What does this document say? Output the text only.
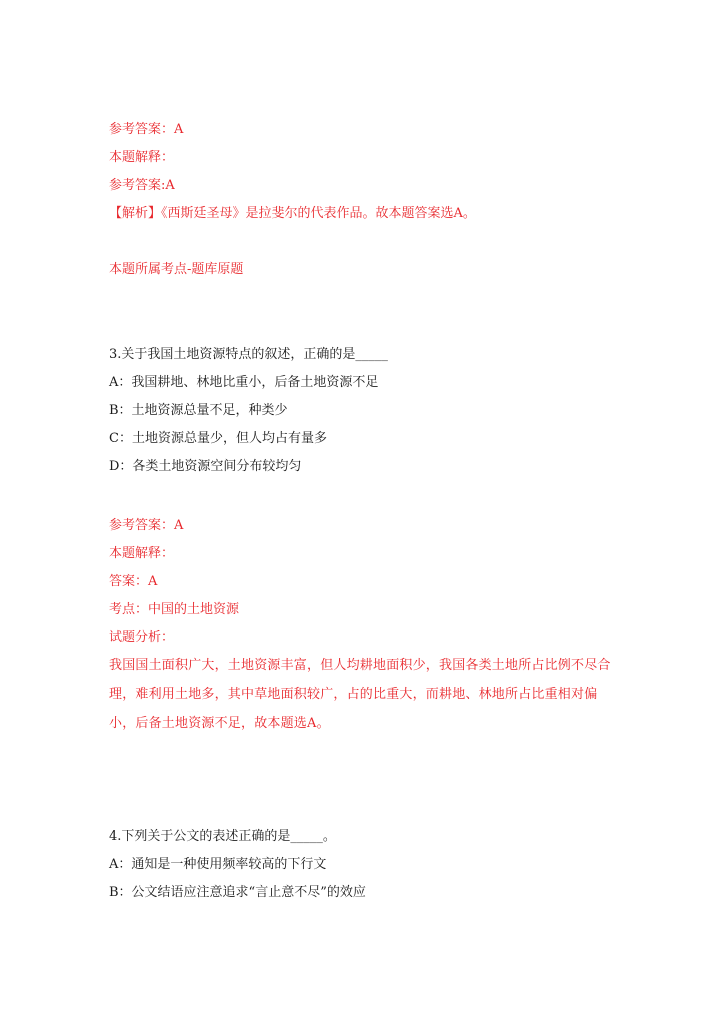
参考答案：A
本题解释：
参考答案:A
【解析】《西斯廷圣母》是拉斐尔的代表作品。故本题答案选A。
本题所属考点-题库原题
3.关于我国土地资源特点的叙述，正确的是_____
A：我国耕地、林地比重小，后备土地资源不足
B：土地资源总量不足，种类少
C：土地资源总量少，但人均占有量多
D：各类土地资源空间分布较均匀
参考答案：A
本题解释：
答案：A
考点：中国的土地资源
试题分析：
我国国土面积广大，土地资源丰富，但人均耕地面积少，我国各类土地所占比例不尽合理，难利用土地多，其中草地面积较广，占的比重大，而耕地、林地所占比重相对偏小，后备土地资源不足，故本题选A。
4.下列关于公文的表述正确的是_____。
A：通知是一种使用频率较高的下行文
B：公文结语应注意追求“言止意不尽”的效应
